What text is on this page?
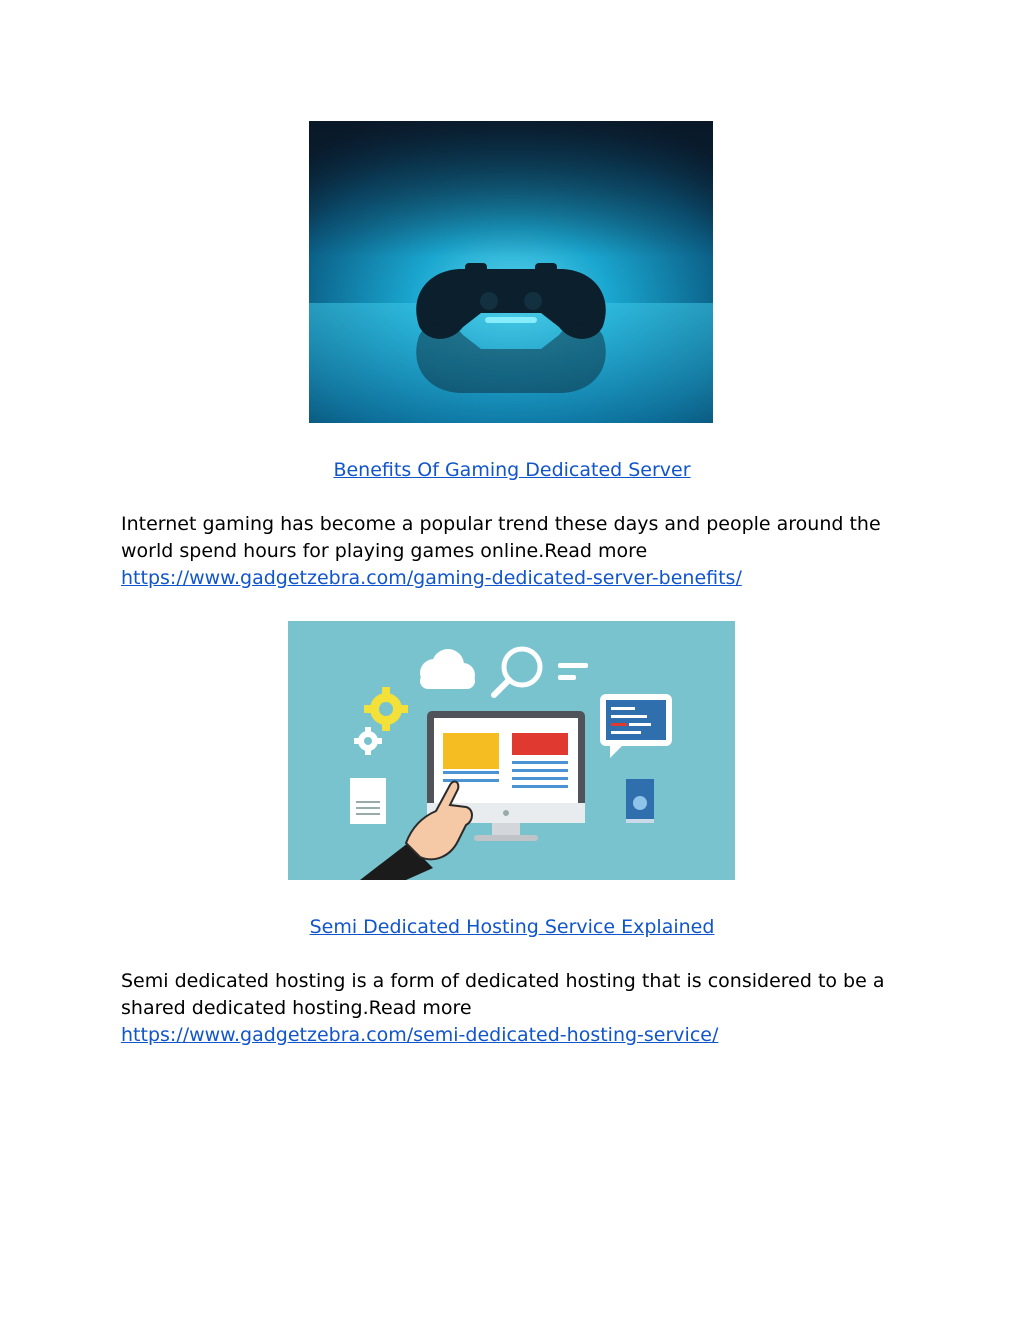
Benefits Of Gaming Dedicated Server
Internet gaming has become a popular trend these days and people around the
world spend hours for playing games online.Read more
https://www.gadgetzebra.com/gaming-dedicated-server-benefits/
Semi Dedicated Hosting Service Explained
Semi dedicated hosting is a form of dedicated hosting that is considered to be a
shared dedicated hosting.Read more
https://www.gadgetzebra.com/semi-dedicated-hosting-service/
